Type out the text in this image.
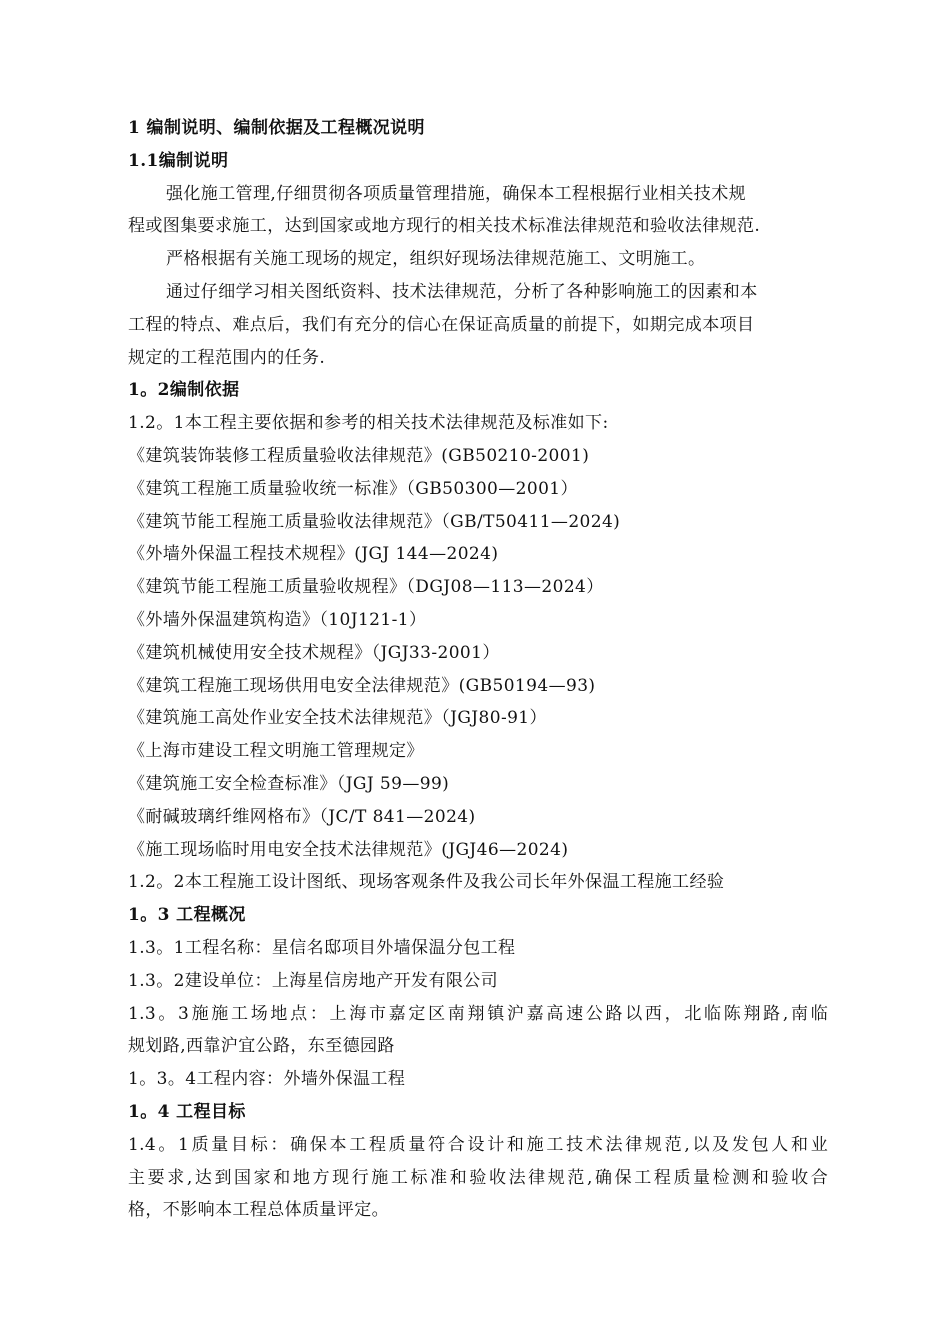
1 编制说明、编制依据及工程概况说明
1.1编制说明
强化施工管理,仔细贯彻各项质量管理措施，确保本工程根据行业相关技术规
程或图集要求施工，达到国家或地方现行的相关技术标准法律规范和验收法律规范.
严格根据有关施工现场的规定，组织好现场法律规范施工、文明施工。
通过仔细学习相关图纸资料、技术法律规范，分析了各种影响施工的因素和本
工程的特点、难点后，我们有充分的信心在保证高质量的前提下，如期完成本项目
规定的工程范围内的任务.
1。2编制依据
1.2。1本工程主要依据和参考的相关技术法律规范及标准如下:
《建筑装饰装修工程质量验收法律规范》(GB50210-2001)
《建筑工程施工质量验收统一标准》（GB50300—2001）
《建筑节能工程施工质量验收法律规范》（GB/T50411—2024)
《外墙外保温工程技术规程》(JGJ 144—2024)
《建筑节能工程施工质量验收规程》（DGJ08—113—2024）
《外墙外保温建筑构造》（10J121-1）
《建筑机械使用安全技术规程》（JGJ33-2001）
《建筑工程施工现场供用电安全法律规范》(GB50194—93)
《建筑施工高处作业安全技术法律规范》（JGJ80-91）
《上海市建设工程文明施工管理规定》
《建筑施工安全检查标准》（JGJ 59—99)
《耐碱玻璃纤维网格布》（JC/T 841—2024)
《施工现场临时用电安全技术法律规范》(JGJ46—2024)
1.2。2本工程施工设计图纸、现场客观条件及我公司长年外保温工程施工经验
1。3 工程概况
1.3。1工程名称：星信名邸项目外墙保温分包工程
1.3。2建设单位：上海星信房地产开发有限公司
1.3。3施施工场地点：上海市嘉定区南翔镇沪嘉高速公路以西，北临陈翔路,南临
规划路,西靠沪宜公路，东至德园路
1。3。4工程内容：外墙外保温工程
1。4 工程目标
1.4。1质量目标：确保本工程质量符合设计和施工技术法律规范,以及发包人和业
主要求,达到国家和地方现行施工标准和验收法律规范,确保工程质量检测和验收合
格，不影响本工程总体质量评定。
